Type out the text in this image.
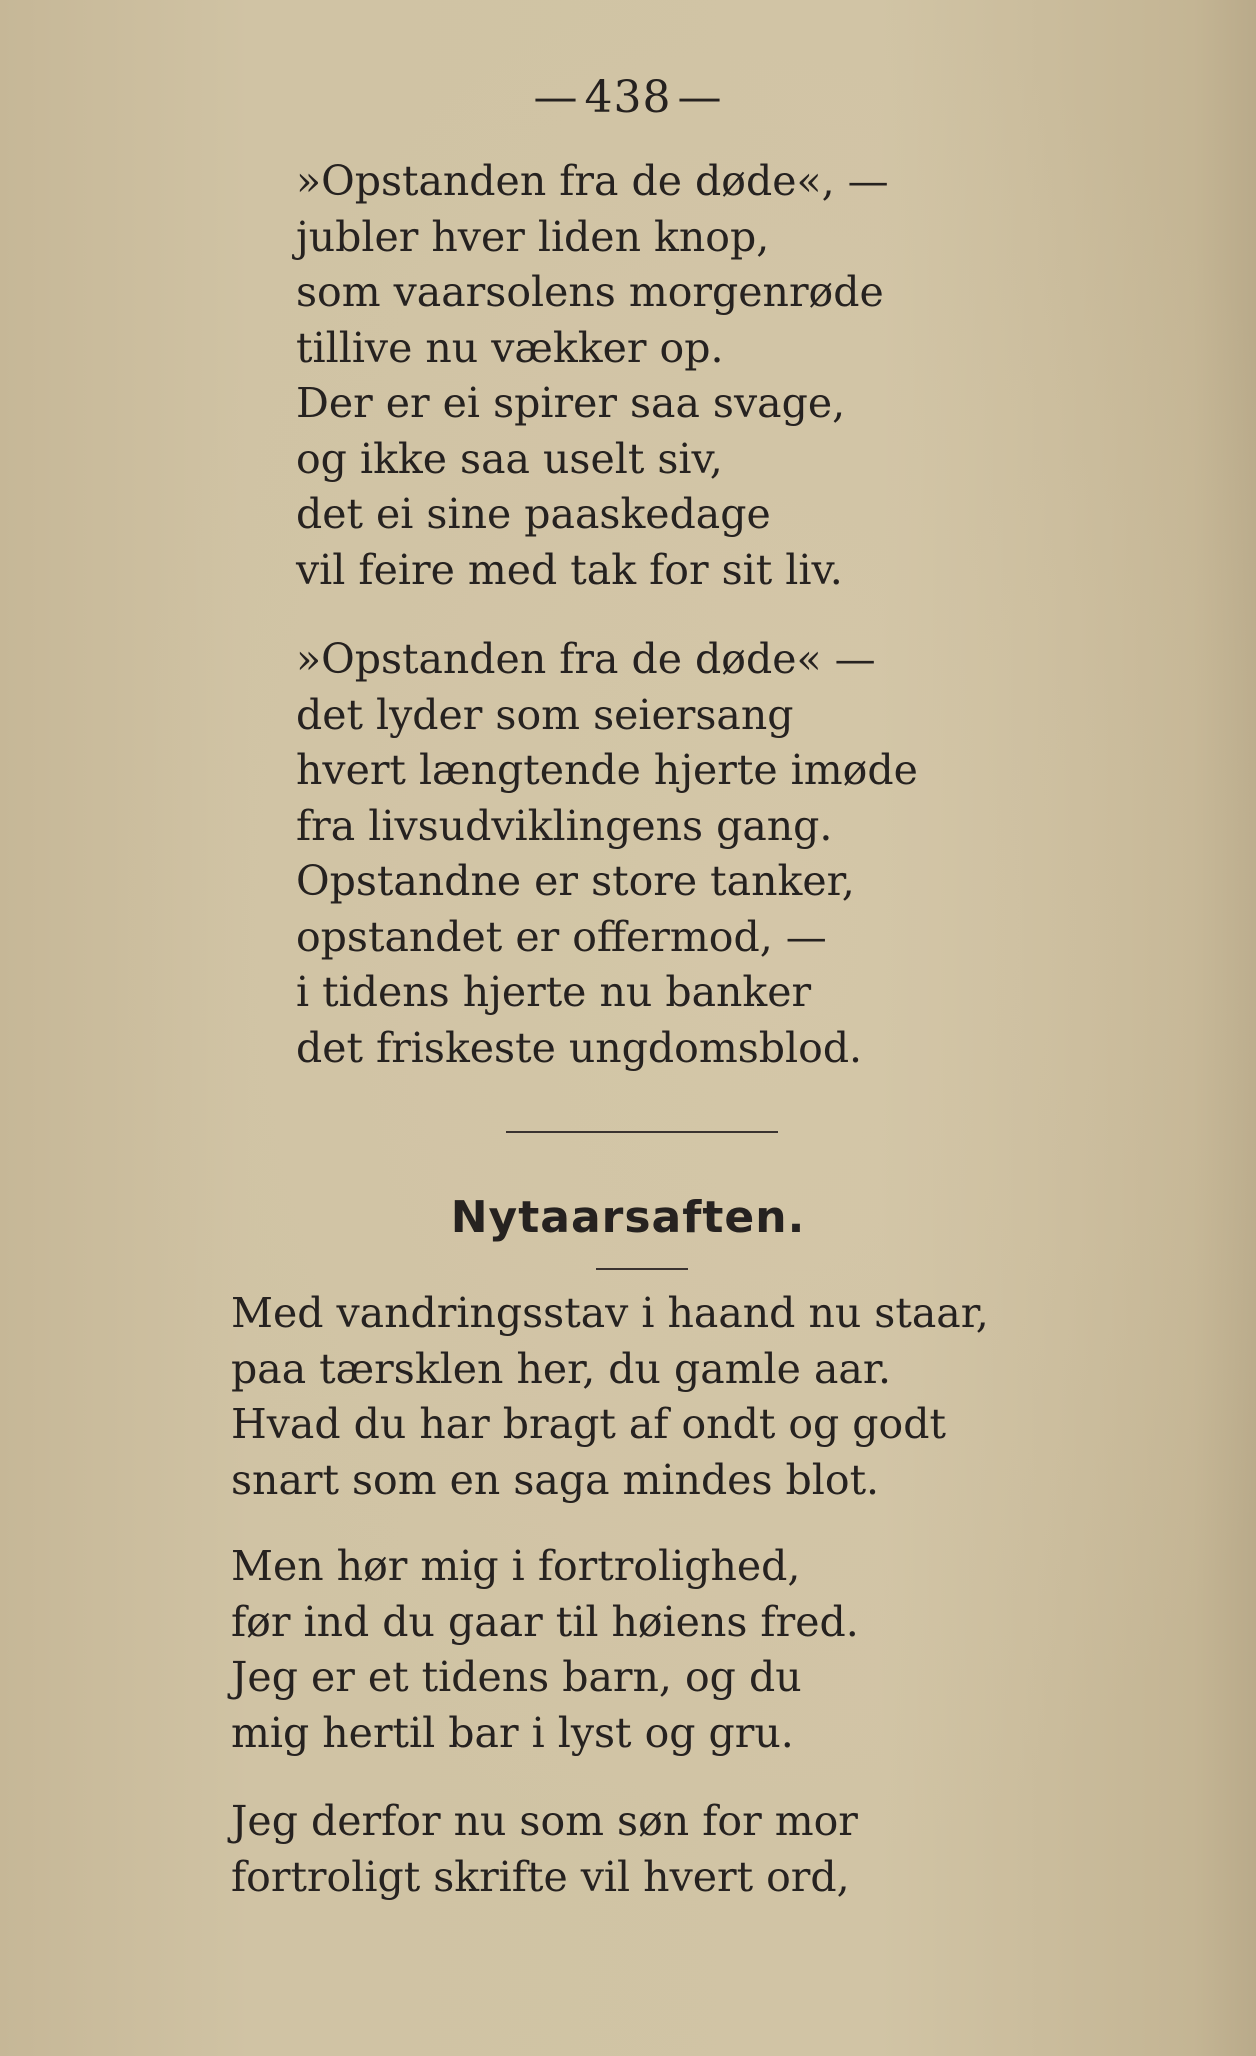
— 438 —
»Opstanden fra de døde«, —
jubler hver liden knop,
som vaarsolens morgenrøde
tillive nu vækker op.
Der er ei spirer saa svage,
og ikke saa uselt siv,
det ei sine paaskedage
vil feire med tak for sit liv.
»Opstanden fra de døde« —
det lyder som seiersang
hvert længtende hjerte imøde
fra livsudviklingens gang.
Opstandne er store tanker,
opstandet er offermod, —
i tidens hjerte nu banker
det friskeste ungdomsblod.
Nytaarsaften.
Med vandringsstav i haand nu staar,
paa tærsklen her, du gamle aar.
Hvad du har bragt af ondt og godt
snart som en saga mindes blot.
Men hør mig i fortrolighed,
før ind du gaar til høiens fred.
Jeg er et tidens barn, og du
mig hertil bar i lyst og gru.
Jeg derfor nu som søn for mor
fortroligt skrifte vil hvert ord,
